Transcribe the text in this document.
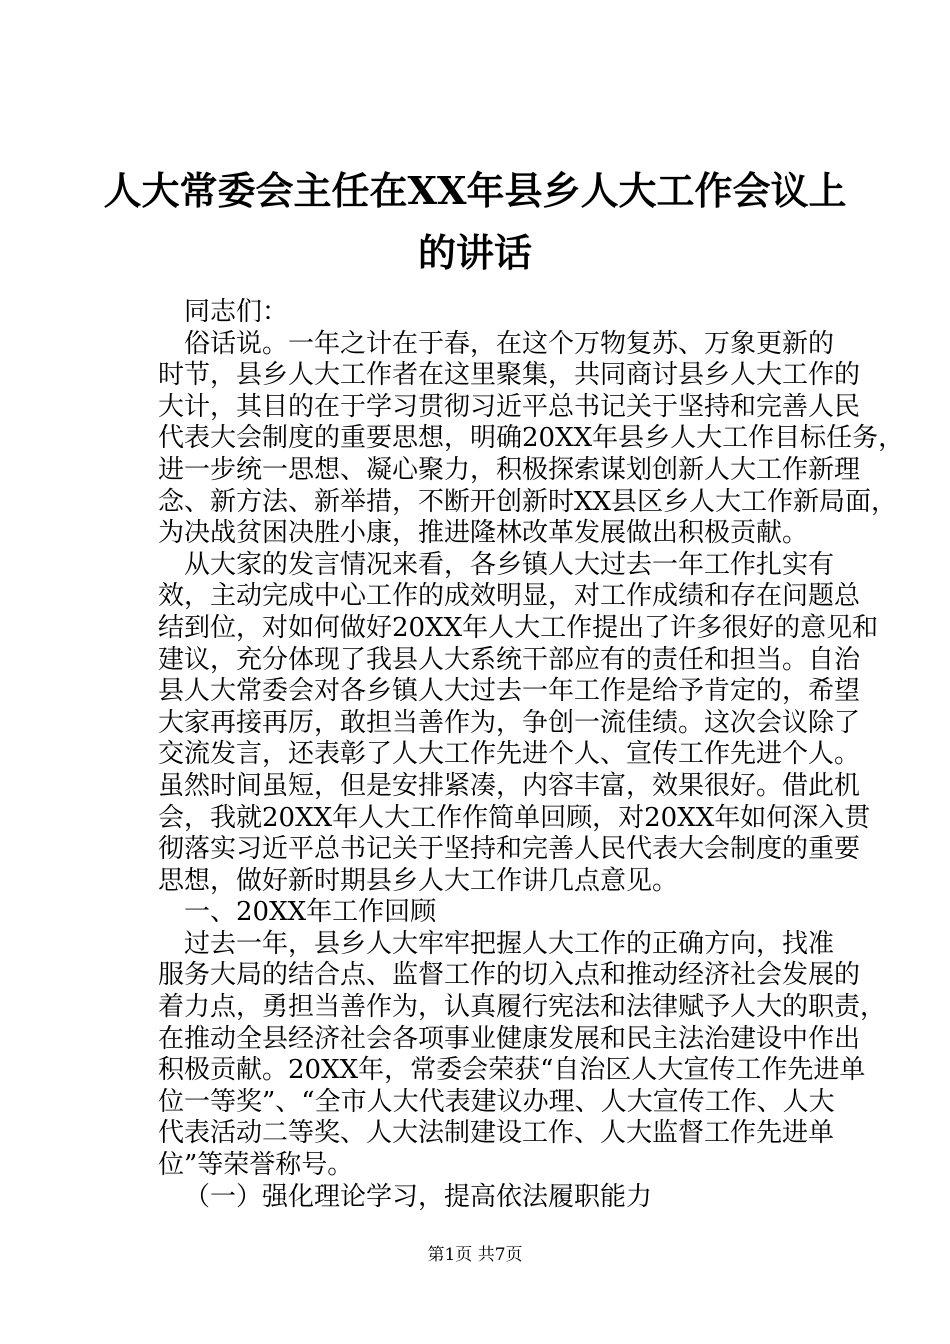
人大常委会主任在XX年县乡人大工作会议上
的讲话
同志们：
俗话说。一年之计在于春，在这个万物复苏、万象更新的
时节，县乡人大工作者在这里聚集，共同商讨县乡人大工作的
大计，其目的在于学习贯彻习近平总书记关于坚持和完善人民
代表大会制度的重要思想，明确20XX年县乡人大工作目标任务，
进一步统一思想、凝心聚力，积极探索谋划创新人大工作新理
念、新方法、新举措，不断开创新时XX县区乡人大工作新局面，
为决战贫困决胜小康，推进隆林改革发展做出积极贡献。
从大家的发言情况来看，各乡镇人大过去一年工作扎实有
效，主动完成中心工作的成效明显，对工作成绩和存在问题总
结到位，对如何做好20XX年人大工作提出了许多很好的意见和
建议，充分体现了我县人大系统干部应有的责任和担当。自治
县人大常委会对各乡镇人大过去一年工作是给予肯定的，希望
大家再接再厉，敢担当善作为，争创一流佳绩。这次会议除了
交流发言，还表彰了人大工作先进个人、宣传工作先进个人。
虽然时间虽短，但是安排紧凑，内容丰富，效果很好。借此机
会，我就20XX年人大工作作简单回顾，对20XX年如何深入贯
彻落实习近平总书记关于坚持和完善人民代表大会制度的重要
思想，做好新时期县乡人大工作讲几点意见。
一、20XX年工作回顾
过去一年，县乡人大牢牢把握人大工作的正确方向，找准
服务大局的结合点、监督工作的切入点和推动经济社会发展的
着力点，勇担当善作为，认真履行宪法和法律赋予人大的职责，
在推动全县经济社会各项事业健康发展和民主法治建设中作出
积极贡献。20XX年，常委会荣获“自治区人大宣传工作先进单
位一等奖”、“全市人大代表建议办理、人大宣传工作、人大
代表活动二等奖、人大法制建设工作、人大监督工作先进单
位”等荣誉称号。
（一）强化理论学习，提高依法履职能力
第1页 共7页
